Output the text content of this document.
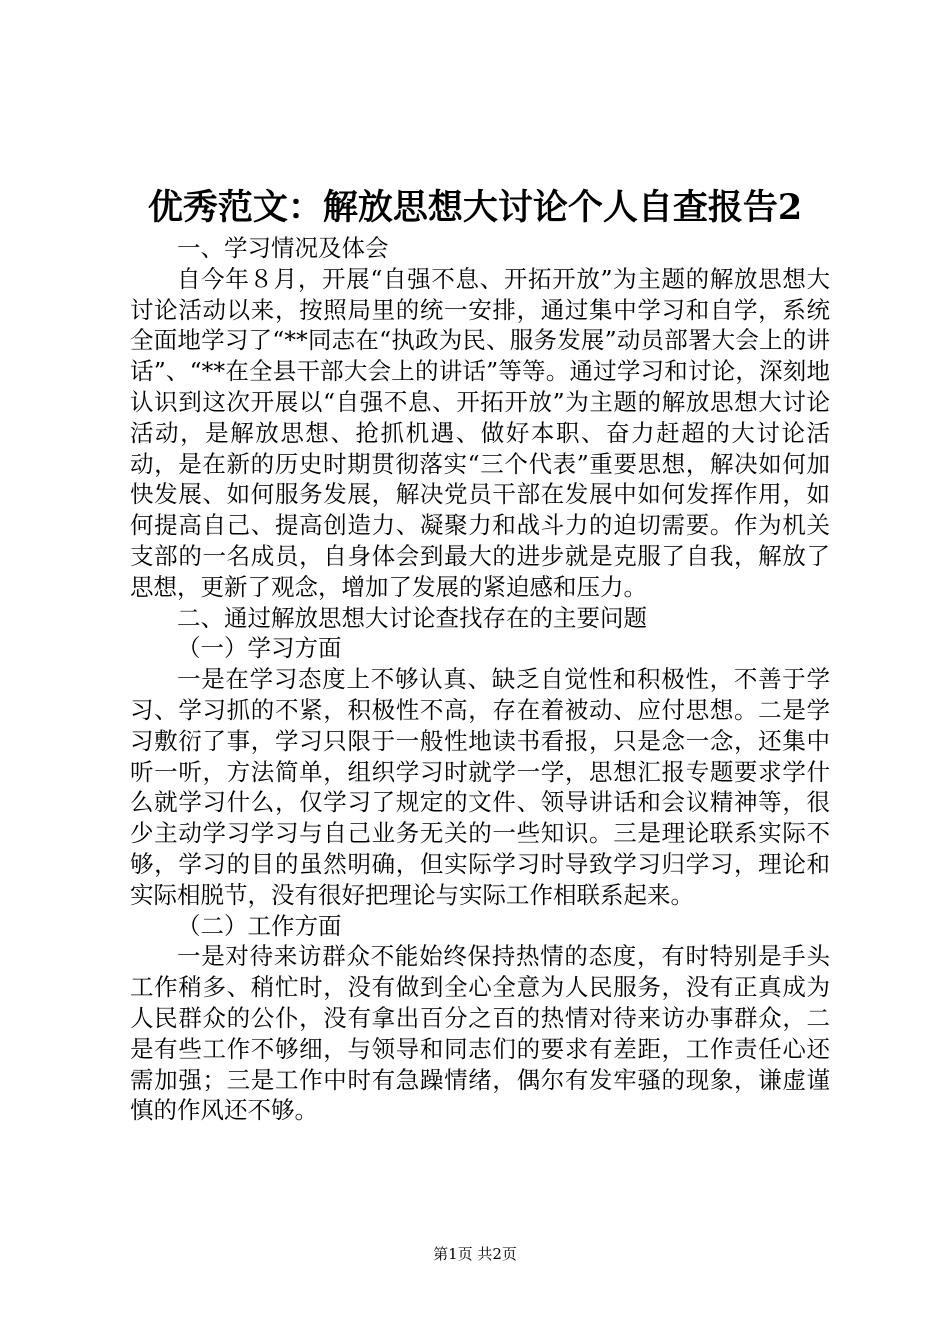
优秀范文：解放思想大讨论个人自查报告2

一、学习情况及体会

自今年８月，开展“自强不息、开拓开放”为主题的解放思想大讨论活动以来，按照局里的统一安排，通过集中学习和自学，系统全面地学习了“**同志在“执政为民、服务发展”动员部署大会上的讲话”、“**在全县干部大会上的讲话”等等。通过学习和讨论，深刻地认识到这次开展以“自强不息、开拓开放”为主题的解放思想大讨论活动，是解放思想、抢抓机遇、做好本职、奋力赶超的大讨论活动，是在新的历史时期贯彻落实“三个代表”重要思想，解决如何加快发展、如何服务发展，解决党员干部在发展中如何发挥作用，如何提高自己、提高创造力、凝聚力和战斗力的迫切需要。作为机关支部的一名成员，自身体会到最大的进步就是克服了自我，解放了思想，更新了观念，增加了发展的紧迫感和压力。

二、通过解放思想大讨论查找存在的主要问题

（一）学习方面

一是在学习态度上不够认真、缺乏自觉性和积极性，不善于学习、学习抓的不紧，积极性不高，存在着被动、应付思想。二是学习敷衍了事，学习只限于一般性地读书看报，只是念一念，还集中听一听，方法简单，组织学习时就学一学，思想汇报专题要求学什么就学习什么，仅学习了规定的文件、领导讲话和会议精神等，很少主动学习学习与自己业务无关的一些知识。三是理论联系实际不够，学习的目的虽然明确，但实际学习时导致学习归学习，理论和实际相脱节，没有很好把理论与实际工作相联系起来。

（二）工作方面

一是对待来访群众不能始终保持热情的态度，有时特别是手头工作稍多、稍忙时，没有做到全心全意为人民服务，没有正真成为人民群众的公仆，没有拿出百分之百的热情对待来访办事群众，二是有些工作不够细，与领导和同志们的要求有差距，工作责任心还需加强；三是工作中时有急躁情绪，偶尔有发牢骚的现象，谦虚谨慎的作风还不够。

第1页 共2页
